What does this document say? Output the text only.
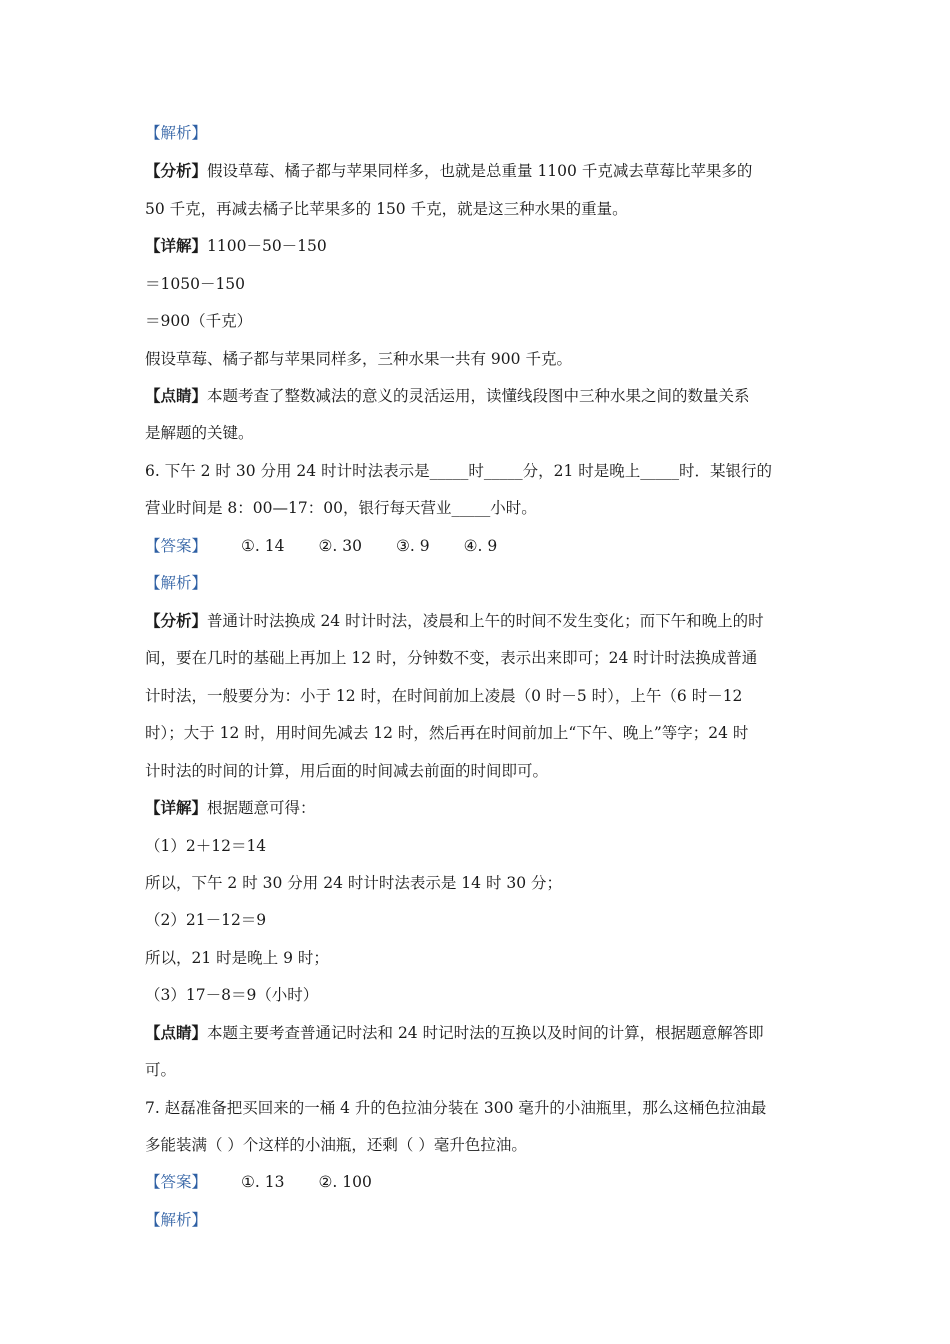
【解析】
【分析】假设草莓、橘子都与苹果同样多，也就是总重量 1100 千克减去草莓比苹果多的
50 千克，再减去橘子比苹果多的 150 千克，就是这三种水果的重量。
【详解】1100－50－150
＝1050－150
＝900（千克）
假设草莓、橘子都与苹果同样多，三种水果一共有 900 千克。
【点睛】本题考查了整数减法的意义的灵活运用，读懂线段图中三种水果之间的数量关系
是解题的关键。
6. 下午 2 时 30 分用 24 时计时法表示是_____时_____分，21 时是晚上_____时．某银行的
营业时间是 8：00—17：00，银行每天营业_____小时。
【答案】 ①. 14 ②. 30 ③. 9 ④. 9
【解析】
【分析】普通计时法换成 24 时计时法，凌晨和上午的时间不发生变化；而下午和晚上的时
间，要在几时的基础上再加上 12 时，分钟数不变，表示出来即可；24 时计时法换成普通
计时法，一般要分为：小于 12 时，在时间前加上凌晨（0 时－5 时），上午（6 时－12
时）；大于 12 时，用时间先减去 12 时，然后再在时间前加上“下午、晚上”等字；24 时
计时法的时间的计算，用后面的时间减去前面的时间即可。
【详解】根据题意可得：
（1）2＋12＝14
所以，下午 2 时 30 分用 24 时计时法表示是 14 时 30 分；
（2）21－12＝9
所以，21 时是晚上 9 时；
（3）17－8＝9（小时）
【点睛】本题主要考查普通记时法和 24 时记时法的互换以及时间的计算，根据题意解答即
可。
7. 赵磊准备把买回来的一桶 4 升的色拉油分装在 300 毫升的小油瓶里，那么这桶色拉油最
多能装满（ ）个这样的小油瓶，还剩（ ）毫升色拉油。
【答案】 ①. 13 ②. 100
【解析】
